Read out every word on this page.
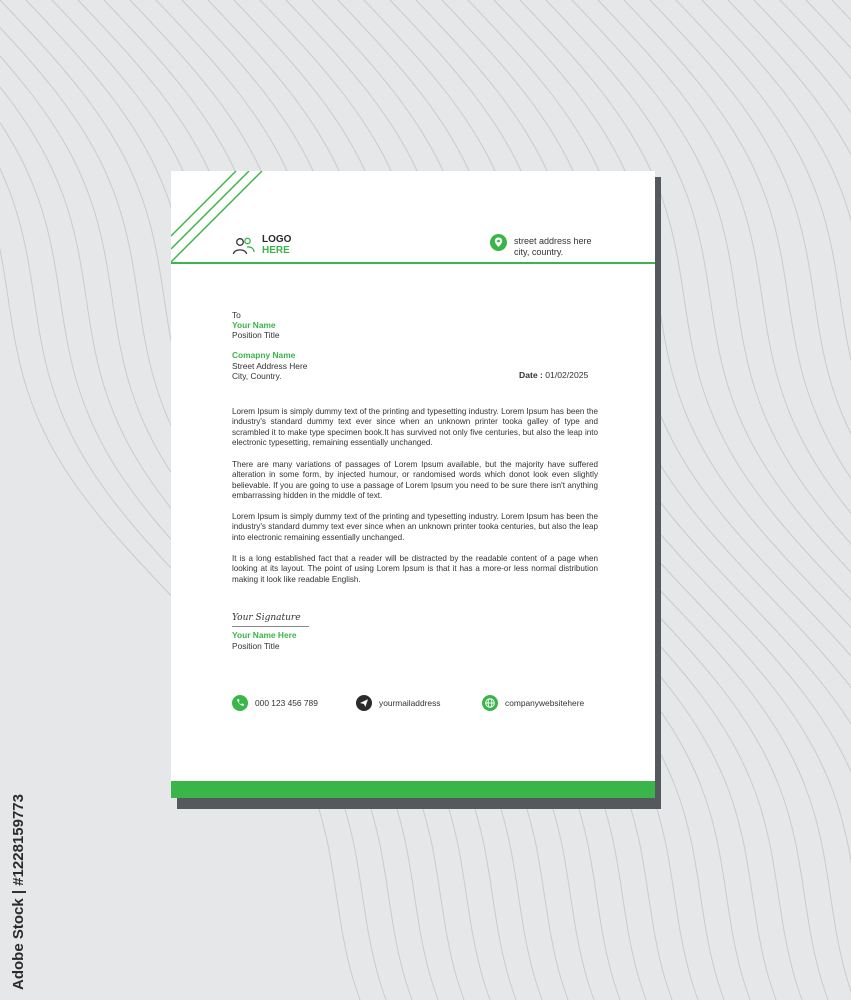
Adobe Stock | #1228159773
LOGO
HERE
street address here
city, country.
To
Your Name
Position Title
Comapny Name
Street Address Here
City, Country.	Date : 01/02/2025
Lorem Ipsum is simply dummy text of the printing and typesetting industry. Lorem Ipsum has been the industry's standard dummy text ever since when an unknown printer tooka galley of type and scrambled it to make type specimen book.It has survived not only five centuries, but also the leap into electronic typesetting, remaining essentially unchanged.
There are many variations of passages of Lorem Ipsum available, but the majority have suffered alteration in some form, by injected humour, or randomised words which donot look even slightly believable. If you are going to use a passage of Lorem Ipsum you need to be sure there isn't anything embarrassing hidden in the middle of text.
Lorem Ipsum is simply dummy text of the printing and typesetting industry. Lorem Ipsum has been the industry's standard dummy text ever since when an unknown printer tooka centuries, but also the leap into electronic remaining essentially unchanged.
It is a long established fact that a reader will be distracted by the readable content of a page when looking at its layout. The point of using Lorem Ipsum is that it has a more-or less normal distribution making it look like readable English.
Your Signature
Your Name Here
Position Title
000 123 456 789	yourmailaddress	companywebsitehere
